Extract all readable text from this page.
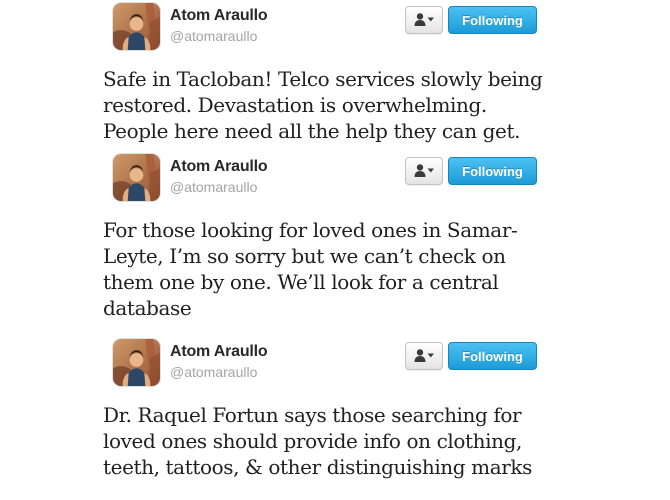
Atom Araullo
@atomaraullo
Following
Safe in Tacloban! Telco services slowly being
restored. Devastation is overwhelming.
People here need all the help they can get.
Atom Araullo
@atomaraullo
Following
For those looking for loved ones in Samar-
Leyte, I’m so sorry but we can’t check on
them one by one. We’ll look for a central
database
Atom Araullo
@atomaraullo
Following
Dr. Raquel Fortun says those searching for
loved ones should provide info on clothing,
teeth, tattoos, & other distinguishing marks
